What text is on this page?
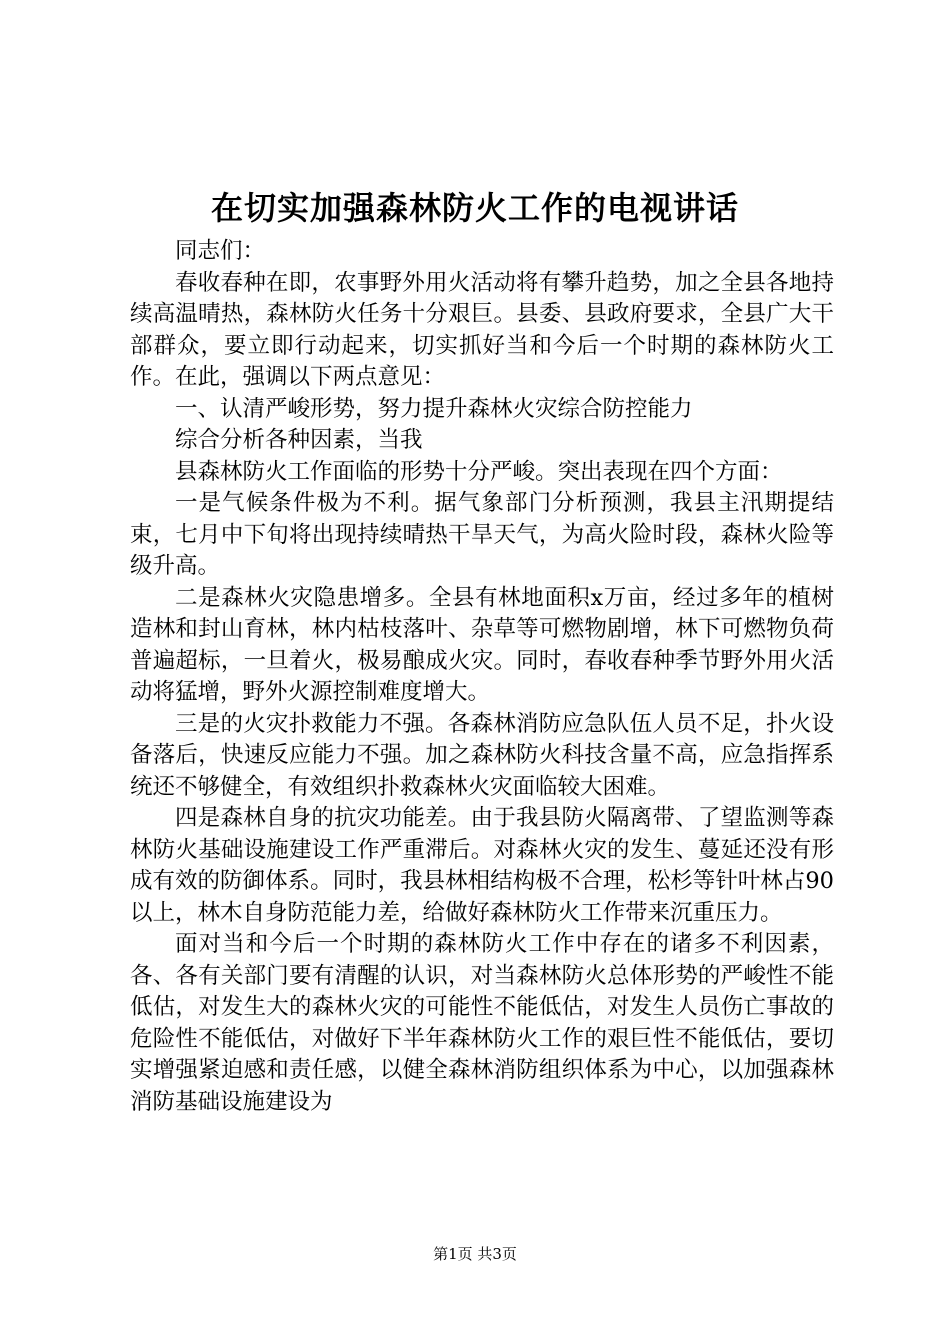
在切实加强森林防火工作的电视讲话

同志们：

春收春种在即，农事野外用火活动将有攀升趋势，加之全县各地持续高温晴热，森林防火任务十分艰巨。县委、县政府要求，全县广大干部群众，要立即行动起来，切实抓好当和今后一个时期的森林防火工作。在此，强调以下两点意见：

一、认清严峻形势，努力提升森林火灾综合防控能力

综合分析各种因素，当我

县森林防火工作面临的形势十分严峻。突出表现在四个方面：

一是气候条件极为不利。据气象部门分析预测，我县主汛期提结束，七月中下旬将出现持续晴热干旱天气，为高火险时段，森林火险等级升高。

二是森林火灾隐患增多。全县有林地面积x万亩，经过多年的植树造林和封山育林，林内枯枝落叶、杂草等可燃物剧增，林下可燃物负荷普遍超标，一旦着火，极易酿成火灾。同时，春收春种季节野外用火活动将猛增，野外火源控制难度增大。

三是的火灾扑救能力不强。各森林消防应急队伍人员不足，扑火设备落后，快速反应能力不强。加之森林防火科技含量不高，应急指挥系统还不够健全，有效组织扑救森林火灾面临较大困难。

四是森林自身的抗灾功能差。由于我县防火隔离带、了望监测等森林防火基础设施建设工作严重滞后。对森林火灾的发生、蔓延还没有形成有效的防御体系。同时，我县林相结构极不合理，松杉等针叶林占90以上，林木自身防范能力差，给做好森林防火工作带来沉重压力。

面对当和今后一个时期的森林防火工作中存在的诸多不利因素，各、各有关部门要有清醒的认识，对当森林防火总体形势的严峻性不能低估，对发生大的森林火灾的可能性不能低估，对发生人员伤亡事故的危险性不能低估，对做好下半年森林防火工作的艰巨性不能低估，要切实增强紧迫感和责任感，以健全森林消防组织体系为中心，以加强森林消防基础设施建设为

第1页 共3页
